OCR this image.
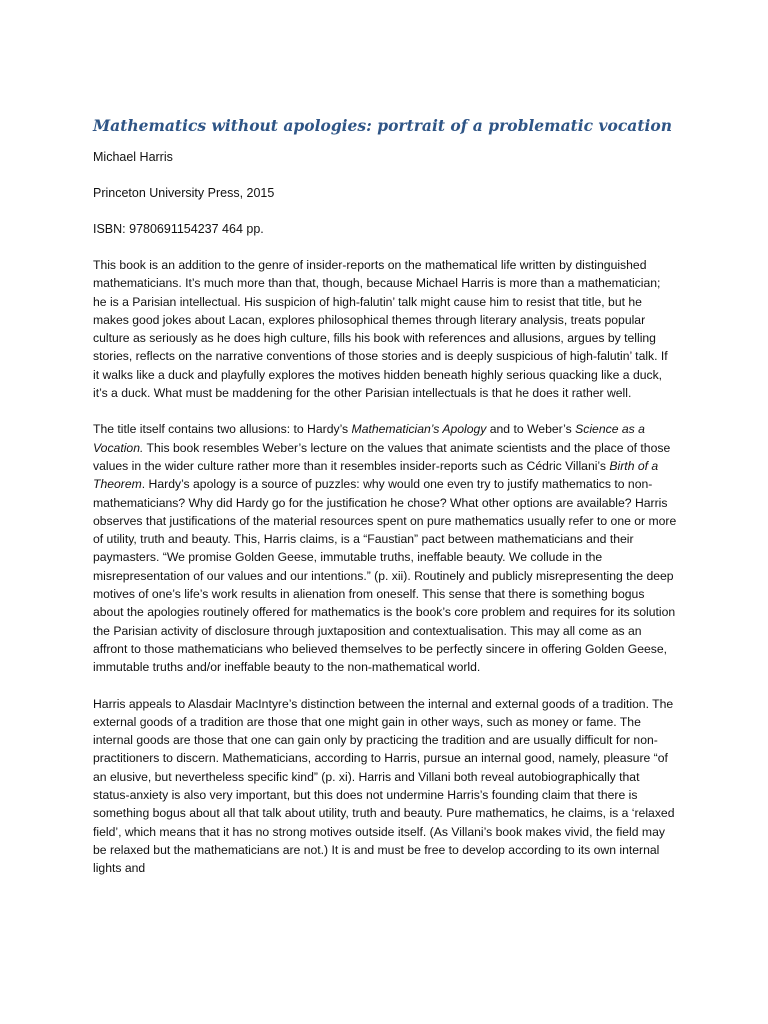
Mathematics without apologies: portrait of a problematic vocation

Michael Harris

Princeton University Press, 2015

ISBN: 9780691154237 464 pp.

This book is an addition to the genre of insider-reports on the mathematical life written by distinguished mathematicians. It’s much more than that, though, because Michael Harris is more than a mathematician; he is a Parisian intellectual. His suspicion of high-falutin’ talk might cause him to resist that title, but he makes good jokes about Lacan, explores philosophical themes through literary analysis, treats popular culture as seriously as he does high culture, fills his book with references and allusions, argues by telling stories, reflects on the narrative conventions of those stories and is deeply suspicious of high-falutin’ talk. If it walks like a duck and playfully explores the motives hidden beneath highly serious quacking like a duck, it’s a duck. What must be maddening for the other Parisian intellectuals is that he does it rather well.

The title itself contains two allusions: to Hardy’s Mathematician’s Apology and to Weber’s Science as a Vocation. This book resembles Weber’s lecture on the values that animate scientists and the place of those values in the wider culture rather more than it resembles insider-reports such as Cédric Villani’s Birth of a Theorem. Hardy’s apology is a source of puzzles: why would one even try to justify mathematics to non-mathematicians? Why did Hardy go for the justification he chose? What other options are available? Harris observes that justifications of the material resources spent on pure mathematics usually refer to one or more of utility, truth and beauty. This, Harris claims, is a “Faustian” pact between mathematicians and their paymasters. “We promise Golden Geese, immutable truths, ineffable beauty. We collude in the misrepresentation of our values and our intentions.” (p. xii). Routinely and publicly misrepresenting the deep motives of one’s life’s work results in alienation from oneself. This sense that there is something bogus about the apologies routinely offered for mathematics is the book’s core problem and requires for its solution the Parisian activity of disclosure through juxtaposition and contextualisation. This may all come as an affront to those mathematicians who believed themselves to be perfectly sincere in offering Golden Geese, immutable truths and/or ineffable beauty to the non-mathematical world.

Harris appeals to Alasdair MacIntyre’s distinction between the internal and external goods of a tradition. The external goods of a tradition are those that one might gain in other ways, such as money or fame. The internal goods are those that one can gain only by practicing the tradition and are usually difficult for non-practitioners to discern. Mathematicians, according to Harris, pursue an internal good, namely, pleasure “of an elusive, but nevertheless specific kind” (p. xi). Harris and Villani both reveal autobiographically that status-anxiety is also very important, but this does not undermine Harris’s founding claim that there is something bogus about all that talk about utility, truth and beauty. Pure mathematics, he claims, is a ‘relaxed field’, which means that it has no strong motives outside itself. (As Villani’s book makes vivid, the field may be relaxed but the mathematicians are not.) It is and must be free to develop according to its own internal lights and
